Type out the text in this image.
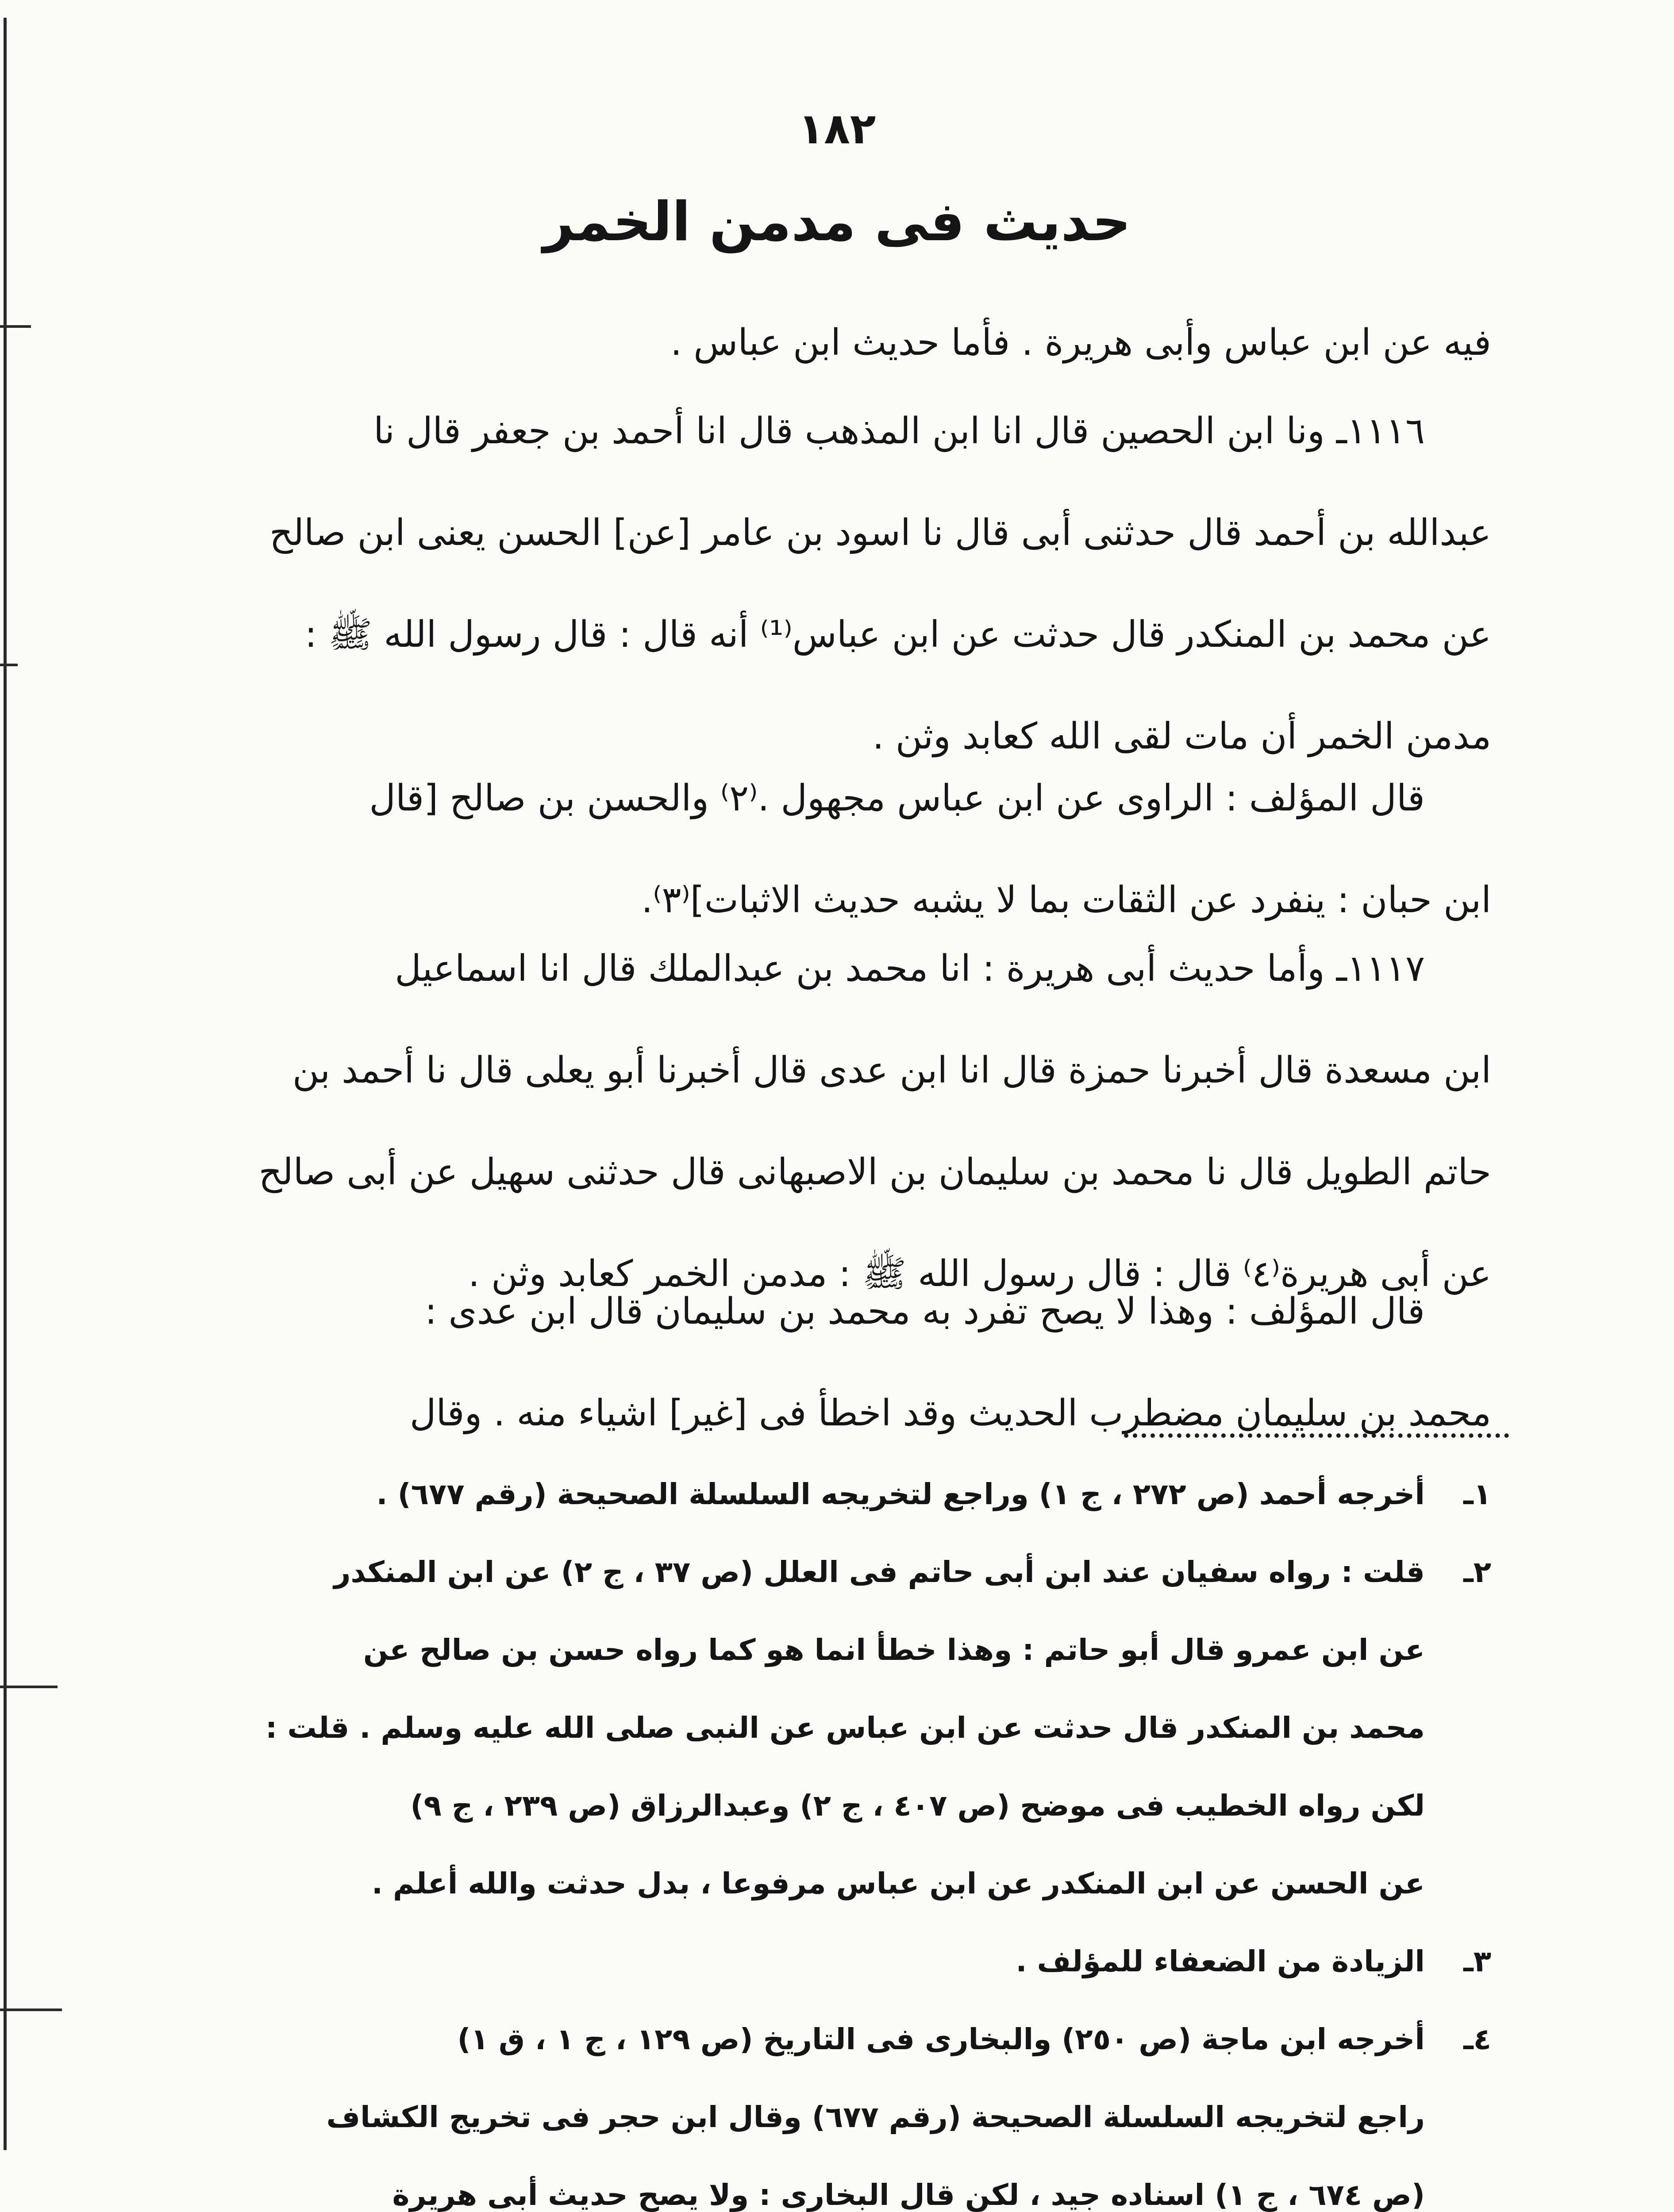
١٨٢
حديث فى مدمن الخمر
فيه عن ابن عباس وأبى هريرة . فأما حديث ابن عباس .
١١١٦ـ ونا ابن الحصين قال انا ابن المذهب قال انا أحمد بن جعفر قال نا
عبدالله بن أحمد قال حدثنى أبى قال نا اسود بن عامر [عن] الحسن يعنى ابن صالح
عن محمد بن المنكدر قال حدثت عن ابن عباس⁽¹⁾ أنه قال : قال رسول الله ﷺ :
مدمن الخمر أن مات لقى الله كعابد وثن .
قال المؤلف : الراوى عن ابن عباس مجهول .⁽٢⁾ والحسن بن صالح [قال
ابن حبان : ينفرد عن الثقات بما لا يشبه حديث الاثبات]⁽٣⁾.
١١١٧ـ وأما حديث أبى هريرة : انا محمد بن عبدالملك قال انا اسماعيل
ابن مسعدة قال أخبرنا حمزة قال انا ابن عدى قال أخبرنا أبو يعلى قال نا أحمد بن
حاتم الطويل قال نا محمد بن سليمان بن الاصبهانى قال حدثنى سهيل عن أبى صالح
عن أبى هريرة⁽٤⁾ قال : قال رسول الله ﷺ : مدمن الخمر كعابد وثن .
قال المؤلف : وهذا لا يصح تفرد به محمد بن سليمان قال ابن عدى :
محمد بن سليمان مضطرب الحديث وقد اخطأ فى [غير] اشياء منه . وقال
١ـ
أخرجه أحمد (ص ٢٧٢ ، ج ١) وراجع لتخريجه السلسلة الصحيحة (رقم ٦٧٧) .
٢ـ
قلت : رواه سفيان عند ابن أبى حاتم فى العلل (ص ٣٧ ، ج ٢) عن ابن المنكدر
عن ابن عمرو قال أبو حاتم : وهذا خطأ انما هو كما رواه حسن بن صالح عن
محمد بن المنكدر قال حدثت عن ابن عباس عن النبى صلى الله عليه وسلم . قلت :
لكن رواه الخطيب فى موضح (ص ٤٠٧ ، ج ٢) وعبدالرزاق (ص ٢٣٩ ، ج ٩)
عن الحسن عن ابن المنكدر عن ابن عباس مرفوعا ، بدل حدثت والله أعلم .
٣ـ
الزيادة من الضعفاء للمؤلف .
٤ـ
أخرجه ابن ماجة (ص ٢٥٠) والبخارى فى التاريخ (ص ١٢٩ ، ج ١ ، ق ١)
راجع لتخريجه السلسلة الصحيحة (رقم ٦٧٧) وقال ابن حجر فى تخريج الكشاف
(ص ٦٧٤ ، ج ١) اسناده جيد ، لكن قال البخارى : ولا يصح حديث أبى هريرة
